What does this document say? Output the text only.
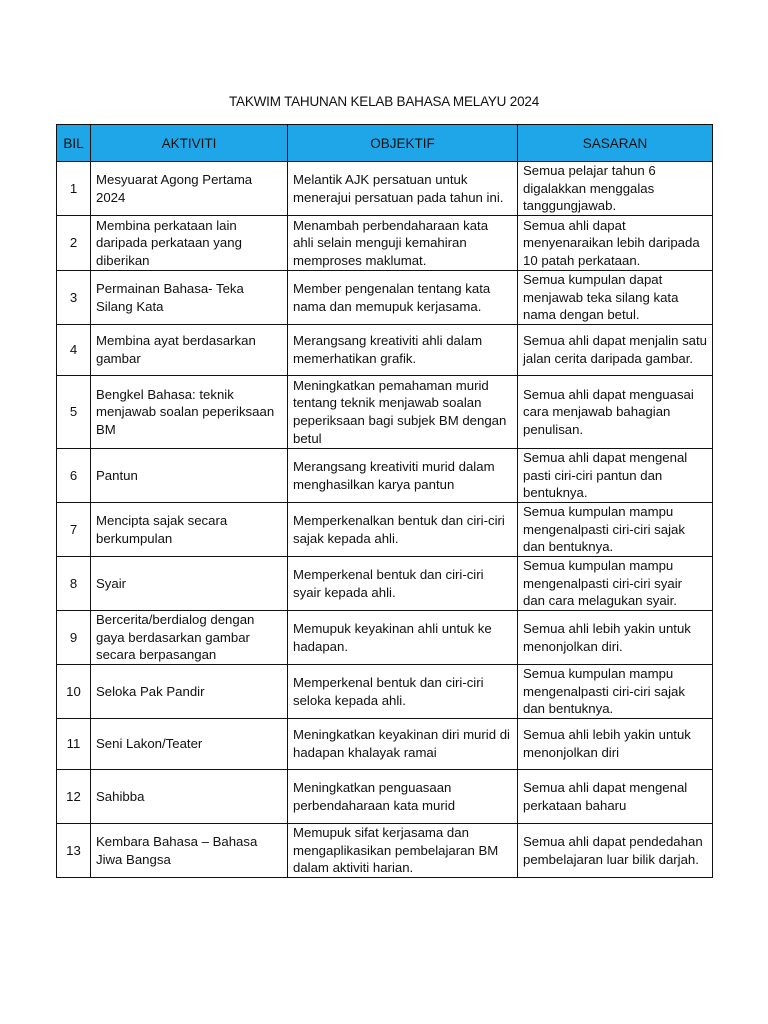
TAKWIM TAHUNAN KELAB BAHASA MELAYU 2024
BIL	AKTIVITI	OBJEKTIF	SASARAN
1	Mesyuarat Agong Pertama 2024	Melantik AJK persatuan untuk menerajui persatuan pada tahun ini.	Semua pelajar tahun 6 digalakkan menggalas tanggungjawab.
2	Membina perkataan lain daripada perkataan yang diberikan	Menambah perbendaharaan kata ahli selain menguji kemahiran memproses maklumat.	Semua ahli dapat menyenaraikan lebih daripada 10 patah perkataan.
3	Permainan Bahasa- Teka Silang Kata	Member pengenalan tentang kata nama dan memupuk kerjasama.	Semua kumpulan dapat menjawab teka silang kata nama dengan betul.
4	Membina ayat berdasarkan gambar	Merangsang kreativiti ahli dalam memerhatikan grafik.	Semua ahli dapat menjalin satu jalan cerita daripada gambar.
5	Bengkel Bahasa: teknik menjawab soalan peperiksaan BM	Meningkatkan pemahaman murid tentang teknik menjawab soalan peperiksaan bagi subjek BM dengan betul	Semua ahli dapat menguasai cara menjawab bahagian penulisan.
6	Pantun	Merangsang kreativiti murid dalam menghasilkan karya pantun	Semua ahli dapat mengenal pasti ciri-ciri pantun dan bentuknya.
7	Mencipta sajak secara berkumpulan	Memperkenalkan bentuk dan ciri-ciri sajak kepada ahli.	Semua kumpulan mampu mengenalpasti ciri-ciri sajak dan bentuknya.
8	Syair	Memperkenal bentuk dan ciri-ciri syair kepada ahli.	Semua kumpulan mampu mengenalpasti ciri-ciri syair dan cara melagukan syair.
9	Bercerita/berdialog dengan gaya berdasarkan gambar secara berpasangan	Memupuk keyakinan ahli untuk ke hadapan.	Semua ahli lebih yakin untuk menonjolkan diri.
10	Seloka Pak Pandir	Memperkenal bentuk dan ciri-ciri seloka kepada ahli.	Semua kumpulan mampu mengenalpasti ciri-ciri sajak dan bentuknya.
11	Seni Lakon/Teater	Meningkatkan keyakinan diri murid di hadapan khalayak ramai	Semua ahli lebih yakin untuk menonjolkan diri
12	Sahibba	Meningkatkan penguasaan perbendaharaan kata murid	Semua ahli dapat mengenal perkataan baharu
13	Kembara Bahasa – Bahasa Jiwa Bangsa	Memupuk sifat kerjasama dan mengaplikasikan pembelajaran BM dalam aktiviti harian.	Semua ahli dapat pendedahan pembelajaran luar bilik darjah.
